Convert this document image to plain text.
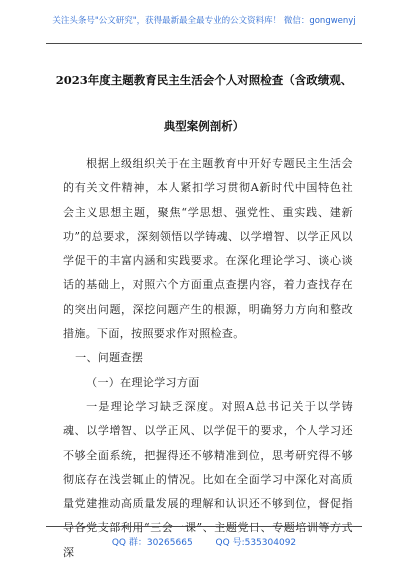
关注头条号"公文研究"，获得最新最全最专业的公文资料库！ 微信：gongwenyj
2023年度主题教育民主生活会个人对照检查（含政绩观、
典型案例剖析）

根据上级组织关于在主题教育中开好专题民主生活会的有关文件精神，本人紧扣学习贯彻A新时代中国特色社会主义思想主题，聚焦“学思想、强党性、重实践、建新功”的总要求，深刻领悟以学铸魂、以学增智、以学正风以学促干的丰富内涵和实践要求。在深化理论学习、谈心谈话的基础上，对照六个方面重点查摆内容，着力查找存在的突出问题，深挖问题产生的根源，明确努力方向和整改措施。下面，按照要求作对照检查。

一、问题查摆

（一）在理论学习方面

一是理论学习缺乏深度。对照A总书记关于以学铸魂、以学增智、以学正风、以学促干的要求，个人学习还不够全面系统，把握得还不够精准到位，思考研究得不够彻底存在浅尝辄止的情况。比如在全面学习中深化对高质量党建推动高质量发展的理解和认识还不够到位，督促指导各党支部利用“三会一课”、主题党日、专题培训等方式深

QQ 群：30265665	QQ 号:535304092
